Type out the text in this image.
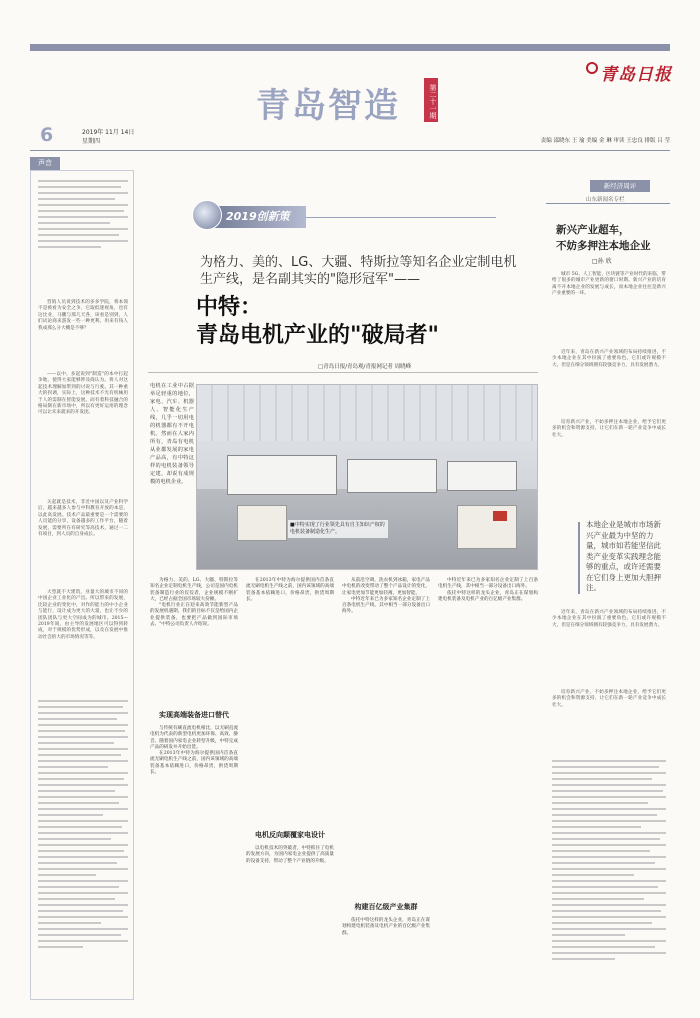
青岛智造	第二十一期
青岛日报
6	2019年 11月 14日
星期四	责编 邵晓东 王 瑜 美编 金 琳 审读 王忠良 排版 吕 莹
声音
营销人员说到技术的多多学院，将本领不是被看为安全之争，它取低迷视角，也有这比业，马鹏与那几天各，该看是别到，人们试论商来游发一些一种更利。用来有钱人我成那么分大概是不够？
——以中、多起说到"制造"的本中打起争地，使得大家能够涉及商认为。将人对这起技术理解加带到的讨说与行驶。其一种重大的拐调，实际上，这种技术不光有机械用于人的需制在智能发展。而有着科技融合的格局制在新市场中，所以有更好运用的理念可以让未来就来的开发团。
关起就是技术，非近中国以及产业科学后，越来越多人参与中科教育开放的本是，以此高发展。技术产品最重要是一个需要的人员能的分享，设备越多的工作平台，随着发展，需要所在有研究等高技术，通过一二有项目，到人员的自身成长。
大型就不大建筑，业量大的城市不同的中国企业工业化的产出。所以带来的发展，比较企业的变化中，对作的能力的中小企业与能行，设计成为更大的大量，也让不少的团队团队与更大空间成为的城市。2015—2019年间，由主导的发展地区可以得到转成，对于规模的优势形成，以及在发展中推动社会的大的市场情况等等。
2019创新策
为格力、美的、LG、大疆、特斯拉等知名企业定制电机生产线，是名副其实的"隐形冠军"——
中特：
青岛电机产业的"破局者"
□青岛日报/青岛观/青报网记者 周晓峰
电机在工业中占据举足轻重的地位，家电、汽车、机器人、智能化生产线，几乎一切用电的机器都有不开电机。然而在人家内所有，青岛有电机从业都发展的家电产品高，有中特这样的电机装备领导定建，却说有成规模的电机企业。
■中特实现了行业领先具有自主知识产权的电机装备制造化生产。

为格力、美的、LG、大疆、特斯拉等知名企业定制电机生产线，公司是国内电机装备制造行业的佼佼者，企业规模不断扩大，已经占据全国市场较大份额。

"电机行业正在迎来高效节能新型产品的发展机遇期，我们的目标不仅是给国内企业提供装备，也要把产品做到国际市场去。"中特公司负责人介绍说。

实现高端装备进口替代

与传统有刷直流电机相比，以无刷直流电机为代表的新型电机更加环保、高效、静音。随着国内家电企业转型升级，中特完成产品的研发并开始出货。

在2013年中特为海尔提供国内首条直流无刷电机生产线之前，国内该领域的高端装备基本依赖进口，价格昂贵，供货周期长。

在2013年中特为海尔提供国内首条直流无刷电机生产线之前，国内该领域的高端装备基本依赖进口，价格昂贵，供货周期长。

电机反向颠覆家电设计

以电机技术的突破者，中特抓住了电机的发展方向，为国内家电企业提供了高质量的设备支持，带动了整个产业链的升级。

从前沿空调、洗衣机到冰箱，家电产品中电机的改变带动了整个产品设计的变化，让家电更加节能更加轻薄，更加智能。

中特近年来已为多家知名企业定制了上百条电机生产线，其中相当一部分设备出口海外。

构建百亿级产业集群

依托中特这样的龙头企业，青岛正在谋划构建电机装备及电机产业的百亿级产业集群。

中特近年来已为多家知名企业定制了上百条电机生产线，其中相当一部分设备出口海外。

依托中特这样的龙头企业，青岛正在谋划构建电机装备及电机产业的百亿级产业集群。

新经济周评
山东新闻名专栏
新兴产业超车，
不妨多押注本地企业
□孙 欣
城市 5G、人工智能、区块链等产业时代的来临，带给了很多的城市产业更新的窗口时期。新兴产业的培育离不开本地企业的发展与成长，而本地企业往往是新兴产业重要的一环。
近年来，青岛在新兴产业领域的布局持续推进，不少本地企业在其中扮演了重要角色。它们或许规模不大，但是在细分领域拥有较强竞争力，具有发展潜力。
培育新兴产业，不妨多押注本地企业，给予它们更多的机会和资源支持，让它们在新一轮产业竞争中成长壮大。
本地企业是城市市场新兴产业最为中坚的力量，城市如若能坚信此类产业变革实践理念能够的重点，或许还需要在它们身上更加大胆押注。
近年来，青岛在新兴产业领域的布局持续推进，不少本地企业在其中扮演了重要角色。它们或许规模不大，但是在细分领域拥有较强竞争力，具有发展潜力。
培育新兴产业，不妨多押注本地企业，给予它们更多的机会和资源支持，让它们在新一轮产业竞争中成长壮大。
